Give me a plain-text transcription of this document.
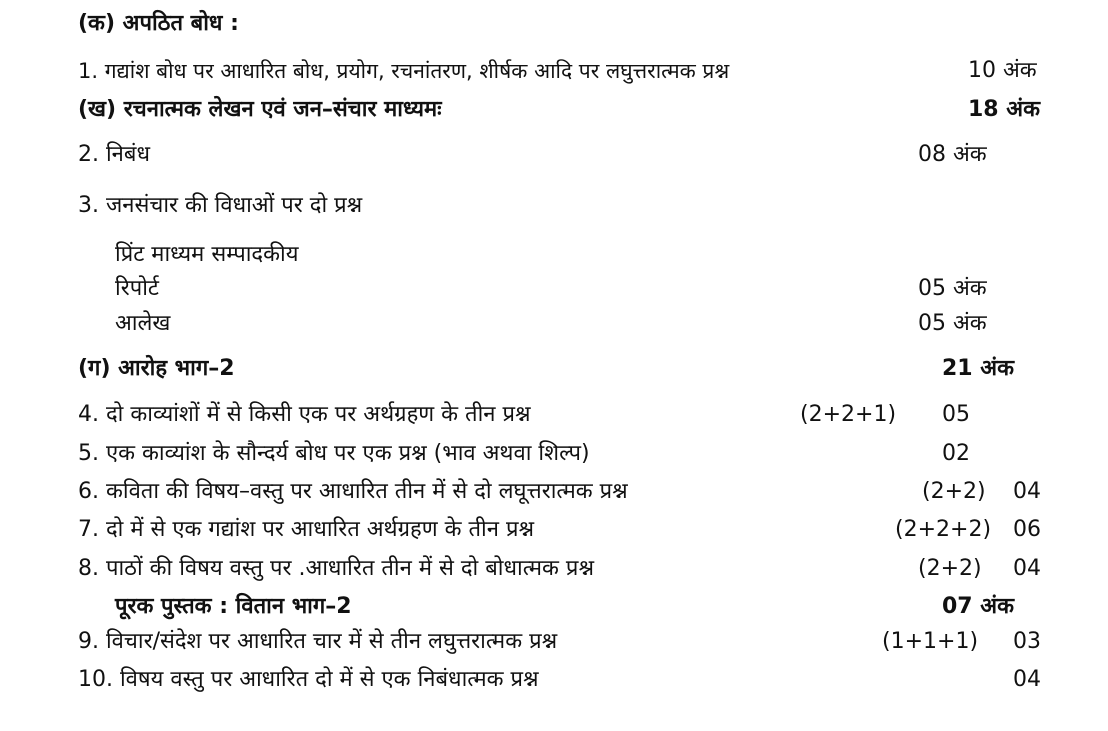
(क) अपठित बोध :
1. गद्यांश बोध पर आधारित बोध, प्रयोग, रचनांतरण, शीर्षक आदि पर लघुत्तरात्मक प्रश्न	10 अंक
(ख) रचनात्मक लेखन एवं जन–संचार माध्यमः	18 अंक
2. निबंध	08 अंक
3. जनसंचार की विधाओं पर दो प्रश्न
प्रिंट माध्यम सम्पादकीय
रिपोर्ट	05 अंक
आलेख	05 अंक
(ग) आरोह भाग–2	21 अंक
4. दो काव्यांशों में से किसी एक पर अर्थग्रहण के तीन प्रश्न	(2+2+1) 05
5. एक काव्यांश के सौन्दर्य बोध पर एक प्रश्न (भाव अथवा शिल्प)	02
6. कविता की विषय–वस्तु पर आधारित तीन में से दो लघूत्तरात्मक प्रश्न	(2+2) 04
7. दो में से एक गद्यांश पर आधारित अर्थग्रहण के तीन प्रश्न	(2+2+2) 06
8. पाठों की विषय वस्तु पर .आधारित तीन में से दो बोधात्मक प्रश्न	(2+2) 04
पूरक पुस्तक : वितान भाग–2	07 अंक
9. विचार/संदेश पर आधारित चार में से तीन लघुत्तरात्मक प्रश्न	(1+1+1) 03
10. विषय वस्तु पर आधारित दो में से एक निबंधात्मक प्रश्न	04
